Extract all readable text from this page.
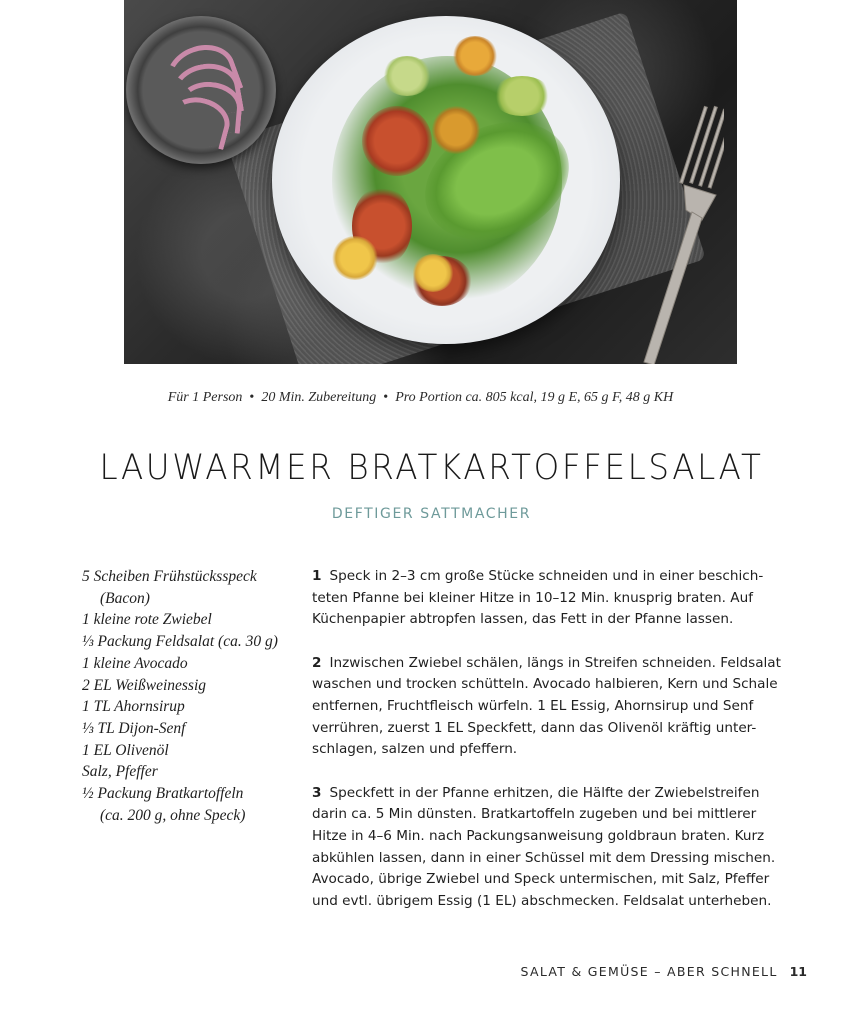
Für 1 Person • 20 Min. Zubereitung • Pro Portion ca. 805 kcal, 19 g E, 65 g F, 48 g KH
LAUWARMER BRATKARTOFFELSALAT
DEFTIGER SATTMACHER
5 Scheiben Frühstücksspeck
(Bacon)
1 kleine rote Zwiebel
⅓ Packung Feldsalat (ca. 30 g)
1 kleine Avocado
2 EL Weißweinessig
1 TL Ahornsirup
⅓ TL Dijon-Senf
1 EL Olivenöl
Salz, Pfeffer
½ Packung Bratkartoffeln
(ca. 200 g, ohne Speck)
1 Speck in 2–3 cm große Stücke schneiden und in einer beschich-
teten Pfanne bei kleiner Hitze in 10–12 Min. knusprig braten. Auf
Küchenpapier abtropfen lassen, das Fett in der Pfanne lassen.
2 Inzwischen Zwiebel schälen, längs in Streifen schneiden. Feldsalat
waschen und trocken schütteln. Avocado halbieren, Kern und Schale
entfernen, Fruchtfleisch würfeln. 1 EL Essig, Ahornsirup und Senf
verrühren, zuerst 1 EL Speckfett, dann das Olivenöl kräftig unter-
schlagen, salzen und pfeffern.
3 Speckfett in der Pfanne erhitzen, die Hälfte der Zwiebelstreifen
darin ca. 5 Min dünsten. Bratkartoffeln zugeben und bei mittlerer
Hitze in 4–6 Min. nach Packungsanweisung goldbraun braten. Kurz
abkühlen lassen, dann in einer Schüssel mit dem Dressing mischen.
Avocado, übrige Zwiebel und Speck untermischen, mit Salz, Pfeffer
und evtl. übrigem Essig (1 EL) abschmecken. Feldsalat unterheben.
SALAT & GEMÜSE – ABER SCHNELL 11
